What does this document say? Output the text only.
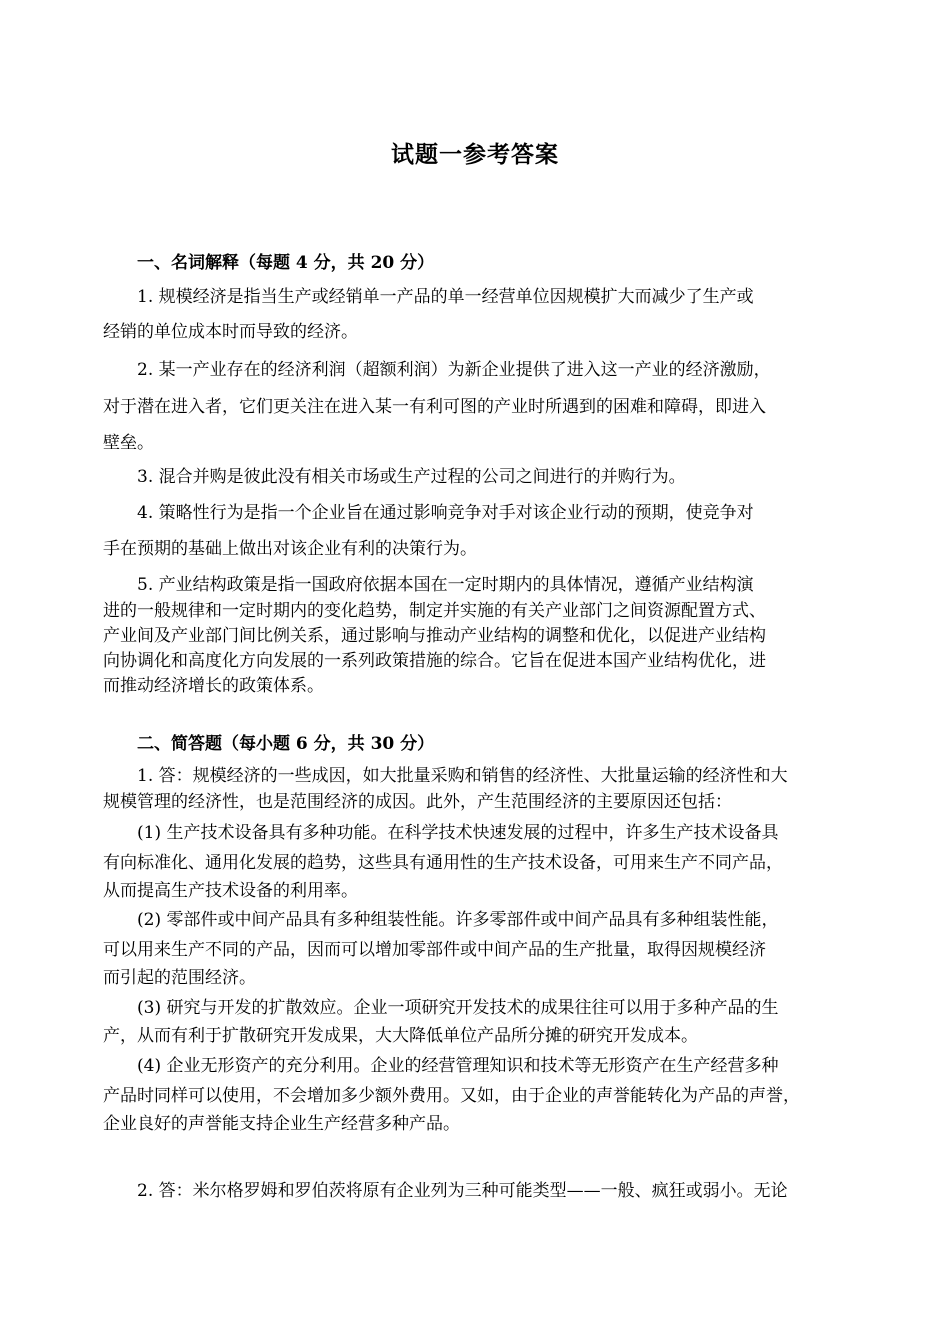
试题一参考答案
一、名词解释（每题 4 分，共 20 分）
1. 规模经济是指当生产或经销单一产品的单一经营单位因规模扩大而减少了生产或
经销的单位成本时而导致的经济。
2. 某一产业存在的经济利润（超额利润）为新企业提供了进入这一产业的经济激励，
对于潜在进入者，它们更关注在进入某一有利可图的产业时所遇到的困难和障碍，即进入
壁垒。
3. 混合并购是彼此没有相关市场或生产过程的公司之间进行的并购行为。
4. 策略性行为是指一个企业旨在通过影响竞争对手对该企业行动的预期，使竞争对
手在预期的基础上做出对该企业有利的决策行为。
5. 产业结构政策是指一国政府依据本国在一定时期内的具体情况，遵循产业结构演
进的一般规律和一定时期内的变化趋势，制定并实施的有关产业部门之间资源配置方式、
产业间及产业部门间比例关系，通过影响与推动产业结构的调整和优化，以促进产业结构
向协调化和高度化方向发展的一系列政策措施的综合。它旨在促进本国产业结构优化，进
而推动经济增长的政策体系。
二、简答题（每小题 6 分，共 30 分）
1. 答：规模经济的一些成因，如大批量采购和销售的经济性、大批量运输的经济性和大
规模管理的经济性，也是范围经济的成因。此外，产生范围经济的主要原因还包括：
(1) 生产技术设备具有多种功能。在科学技术快速发展的过程中，许多生产技术设备具
有向标准化、通用化发展的趋势，这些具有通用性的生产技术设备，可用来生产不同产品，
从而提高生产技术设备的利用率。
(2) 零部件或中间产品具有多种组装性能。许多零部件或中间产品具有多种组装性能，
可以用来生产不同的产品，因而可以增加零部件或中间产品的生产批量，取得因规模经济
而引起的范围经济。
(3) 研究与开发的扩散效应。企业一项研究开发技术的成果往往可以用于多种产品的生
产，从而有利于扩散研究开发成果，大大降低单位产品所分摊的研究开发成本。
(4) 企业无形资产的充分利用。企业的经营管理知识和技术等无形资产在生产经营多种
产品时同样可以使用，不会增加多少额外费用。又如，由于企业的声誉能转化为产品的声誉，
企业良好的声誉能支持企业生产经营多种产品。
2. 答：米尔格罗姆和罗伯茨将原有企业列为三种可能类型——一般、疯狂或弱小。无论
